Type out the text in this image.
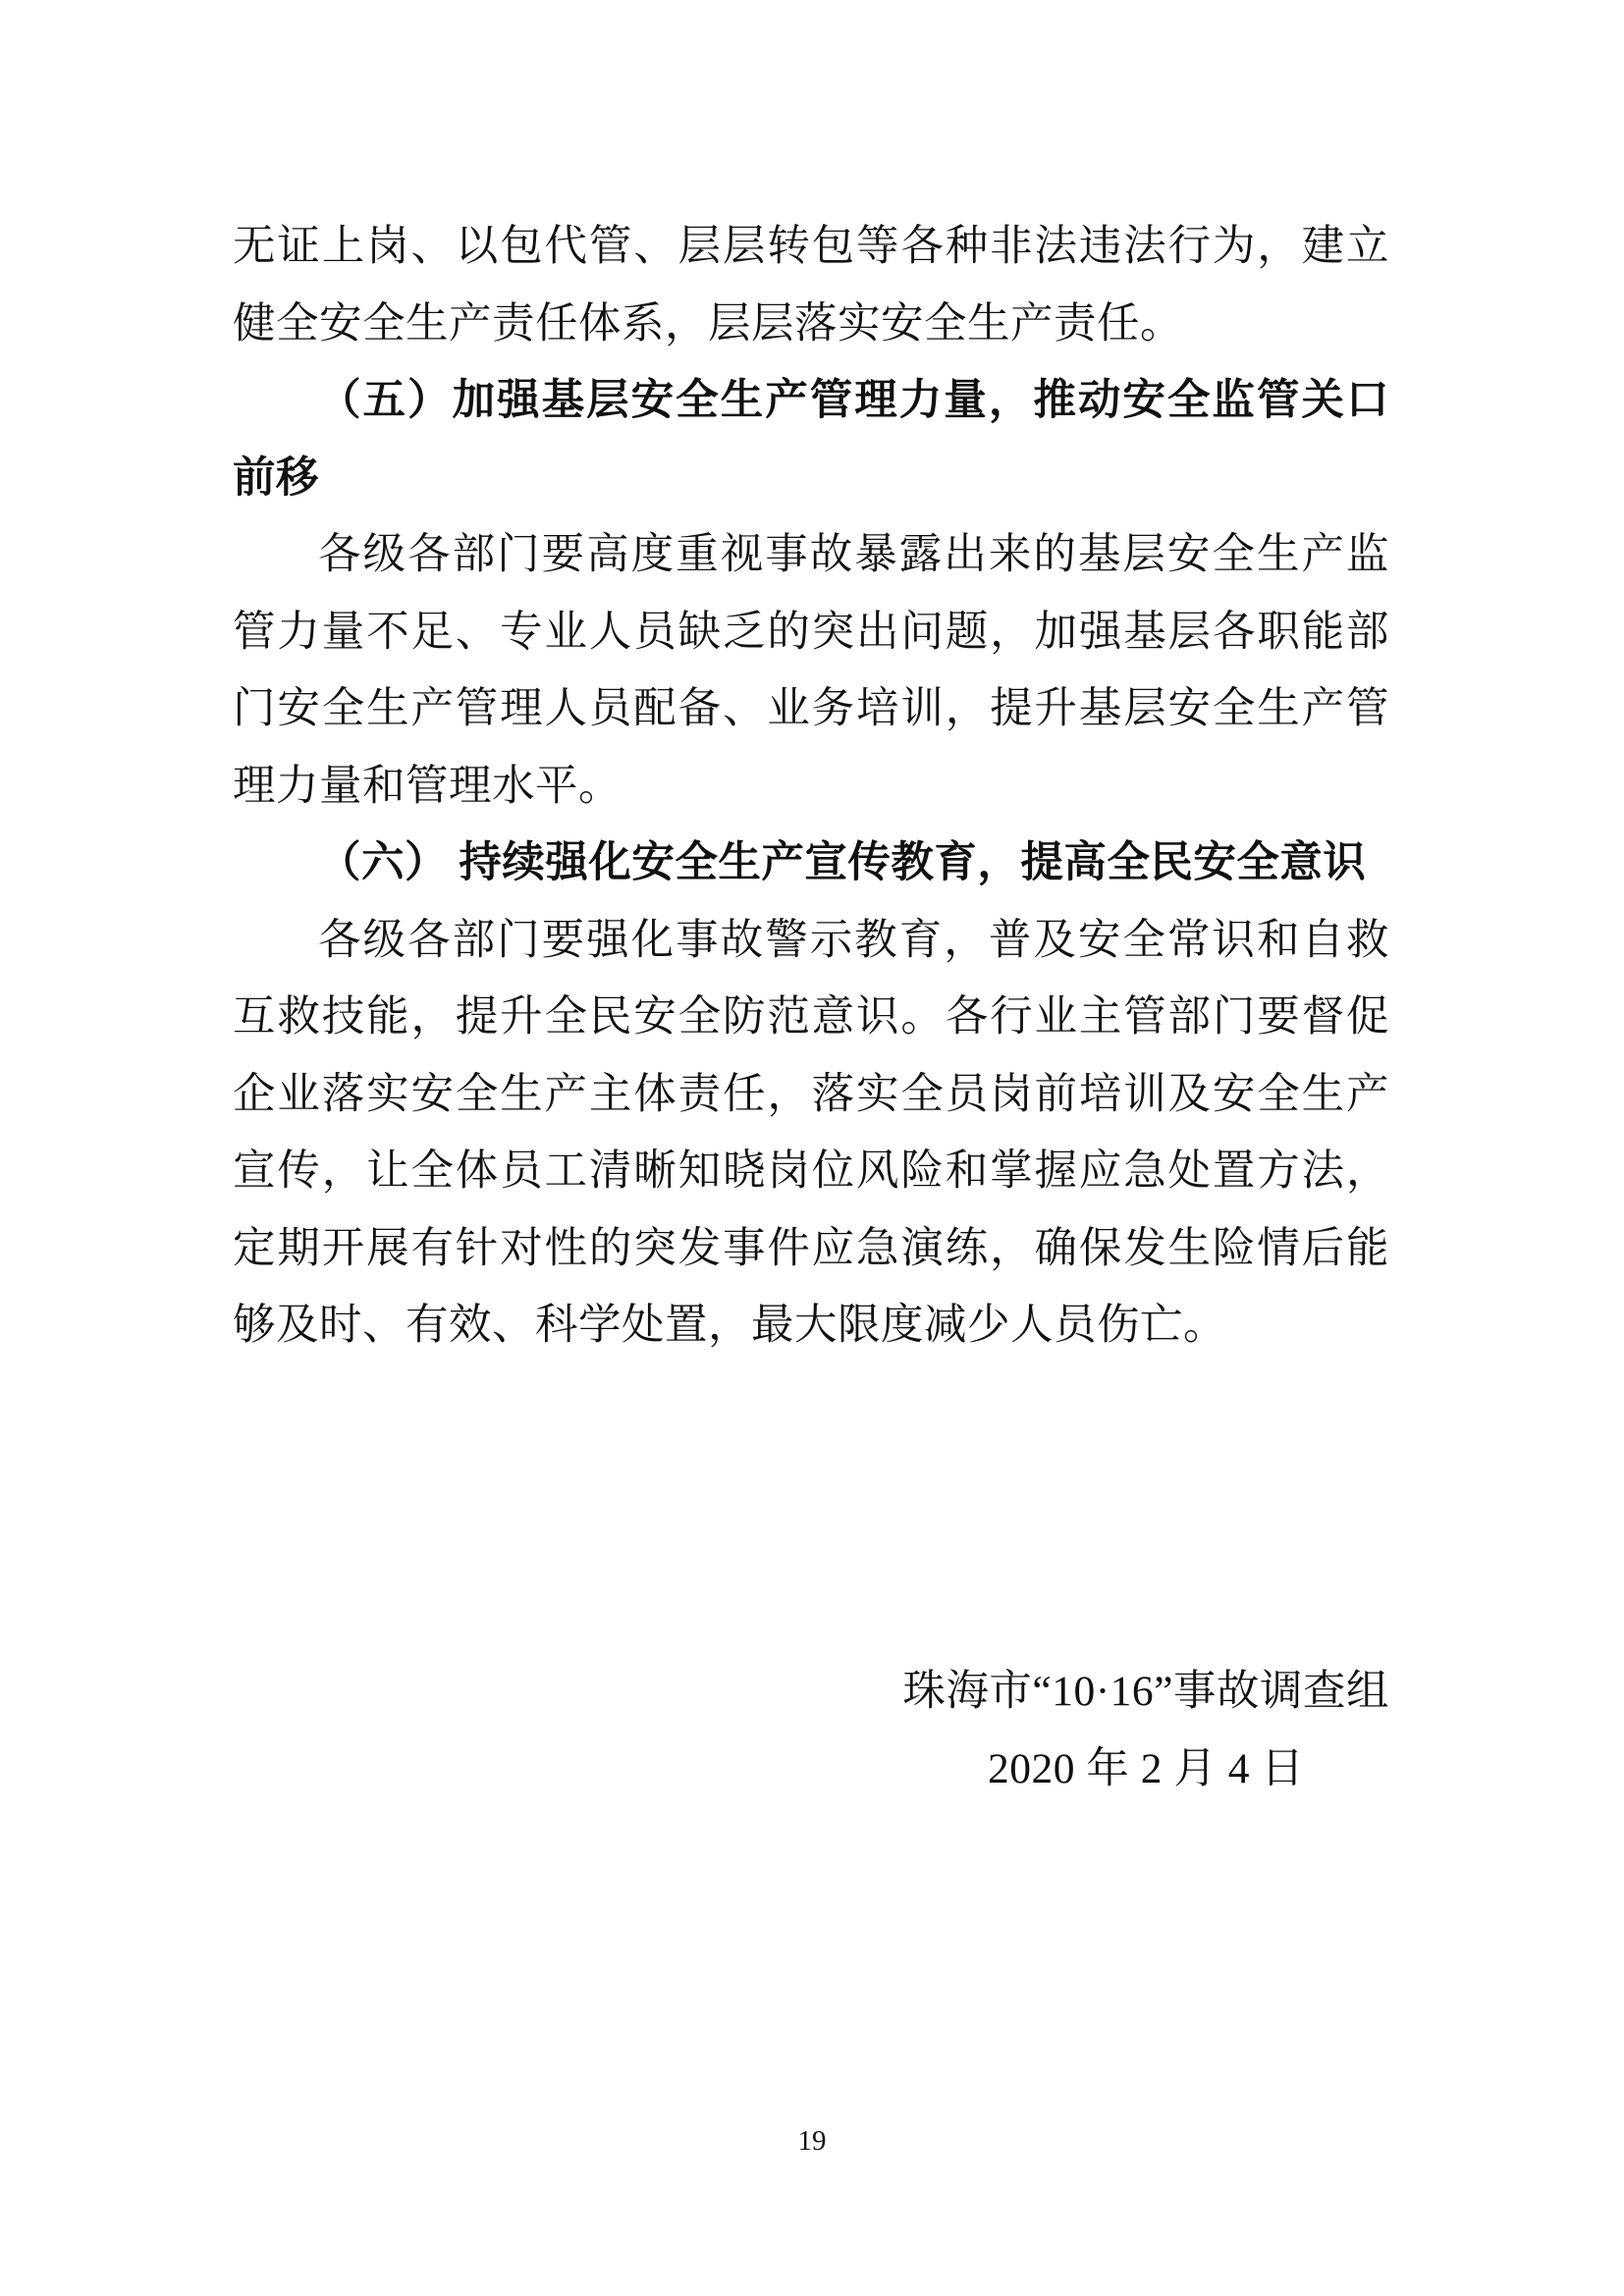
无证上岗、以包代管、层层转包等各种非法违法行为，建立健全安全生产责任体系，层层落实安全生产责任。

（五）加强基层安全生产管理力量，推动安全监管关口前移

各级各部门要高度重视事故暴露出来的基层安全生产监管力量不足、专业人员缺乏的突出问题，加强基层各职能部门安全生产管理人员配备、业务培训，提升基层安全生产管理力量和管理水平。

（六） 持续强化安全生产宣传教育，提高全民安全意识

各级各部门要强化事故警示教育，普及安全常识和自救互救技能，提升全民安全防范意识。各行业主管部门要督促企业落实安全生产主体责任，落实全员岗前培训及安全生产宣传，让全体员工清晰知晓岗位风险和掌握应急处置方法，定期开展有针对性的突发事件应急演练，确保发生险情后能够及时、有效、科学处置，最大限度减少人员伤亡。

珠海市“10·16”事故调查组
2020 年 2 月 4 日
19
